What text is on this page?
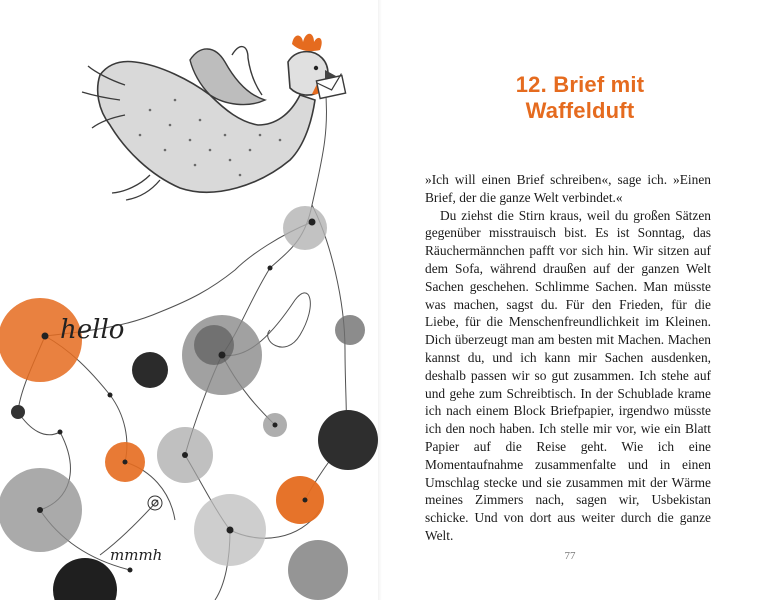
hello
mmmh
12. Brief mit Waffelduft

»Ich will einen Brief schreiben«, sage ich. »Einen Brief, der die ganze Welt verbindet.«

Du ziehst die Stirn kraus, weil du großen Sätzen gegenüber misstrauisch bist. Es ist Sonntag, das Räuchermännchen pafft vor sich hin. Wir sitzen auf dem Sofa, während draußen auf der ganzen Welt Sachen geschehen. Schlimme Sachen. Man müsste was machen, sagst du. Für den Frieden, für die Liebe, für die Menschenfreundlichkeit im Kleinen. Dich überzeugt man am besten mit Machen. Machen kannst du, und ich kann mir Sachen ausdenken, deshalb passen wir so gut zusammen. Ich stehe auf und gehe zum Schreibtisch. In der Schublade krame ich nach einem Block Briefpapier, irgendwo müsste ich den noch haben. Ich stelle mir vor, wie ein Blatt Papier auf die Reise geht. Wie ich eine Momentaufnahme zusammenfalte und in einen Umschlag stecke und sie zusammen mit der Wärme meines Zimmers nach, sagen wir, Usbekistan schicke. Und von dort aus weiter durch die ganze Welt.

77
